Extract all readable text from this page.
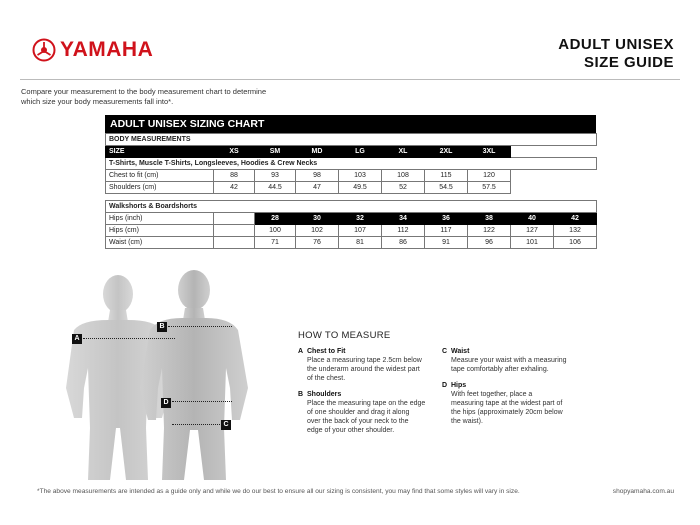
YAMAHA	ADULT UNISEX
SIZE GUIDE
Compare your measurement to the body measurement chart to determine which size your body measurements fall into*.
ADULT UNISEX SIZING CHART
BODY MEASUREMENTS									
SIZE	XS	SM	MD	LG	XL	2XL	3XL		
T-Shirts, Muscle T-Shirts, Longsleeves, Hoodies & Crew Necks									
Chest to fit (cm)	88	93	98	103	108	115	120		
Shoulders (cm)	42	44.5	47	49.5	52	54.5	57.5		
Walkshorts & Boardshorts									
Hips (inch)		28	30	32	34	36	38	40	42
Hips (cm)		100	102	107	112	117	122	127	132
Waist (cm)		71	76	81	86	91	96	101	106
A
B
D
C
HOW TO MEASURE
A Chest to Fit
Place a measuring tape 2.5cm below
the underarm around the widest part
of the chest.
B Shoulders
Place the measuring tape on the edge
of one shoulder and drag it along
over the back of your neck to the
edge of your other shoulder.
C Waist
Measure your waist with a measuring
tape comfortably after exhaling.
D Hips
With feet together, place a
measuring tape at the widest part of
the hips (approximately 20cm below
the waist).
*The above measurements are intended as a guide only and while we do our best to ensure all our sizing is consistent, you may find that some styles will vary in size.	shopyamaha.com.au
